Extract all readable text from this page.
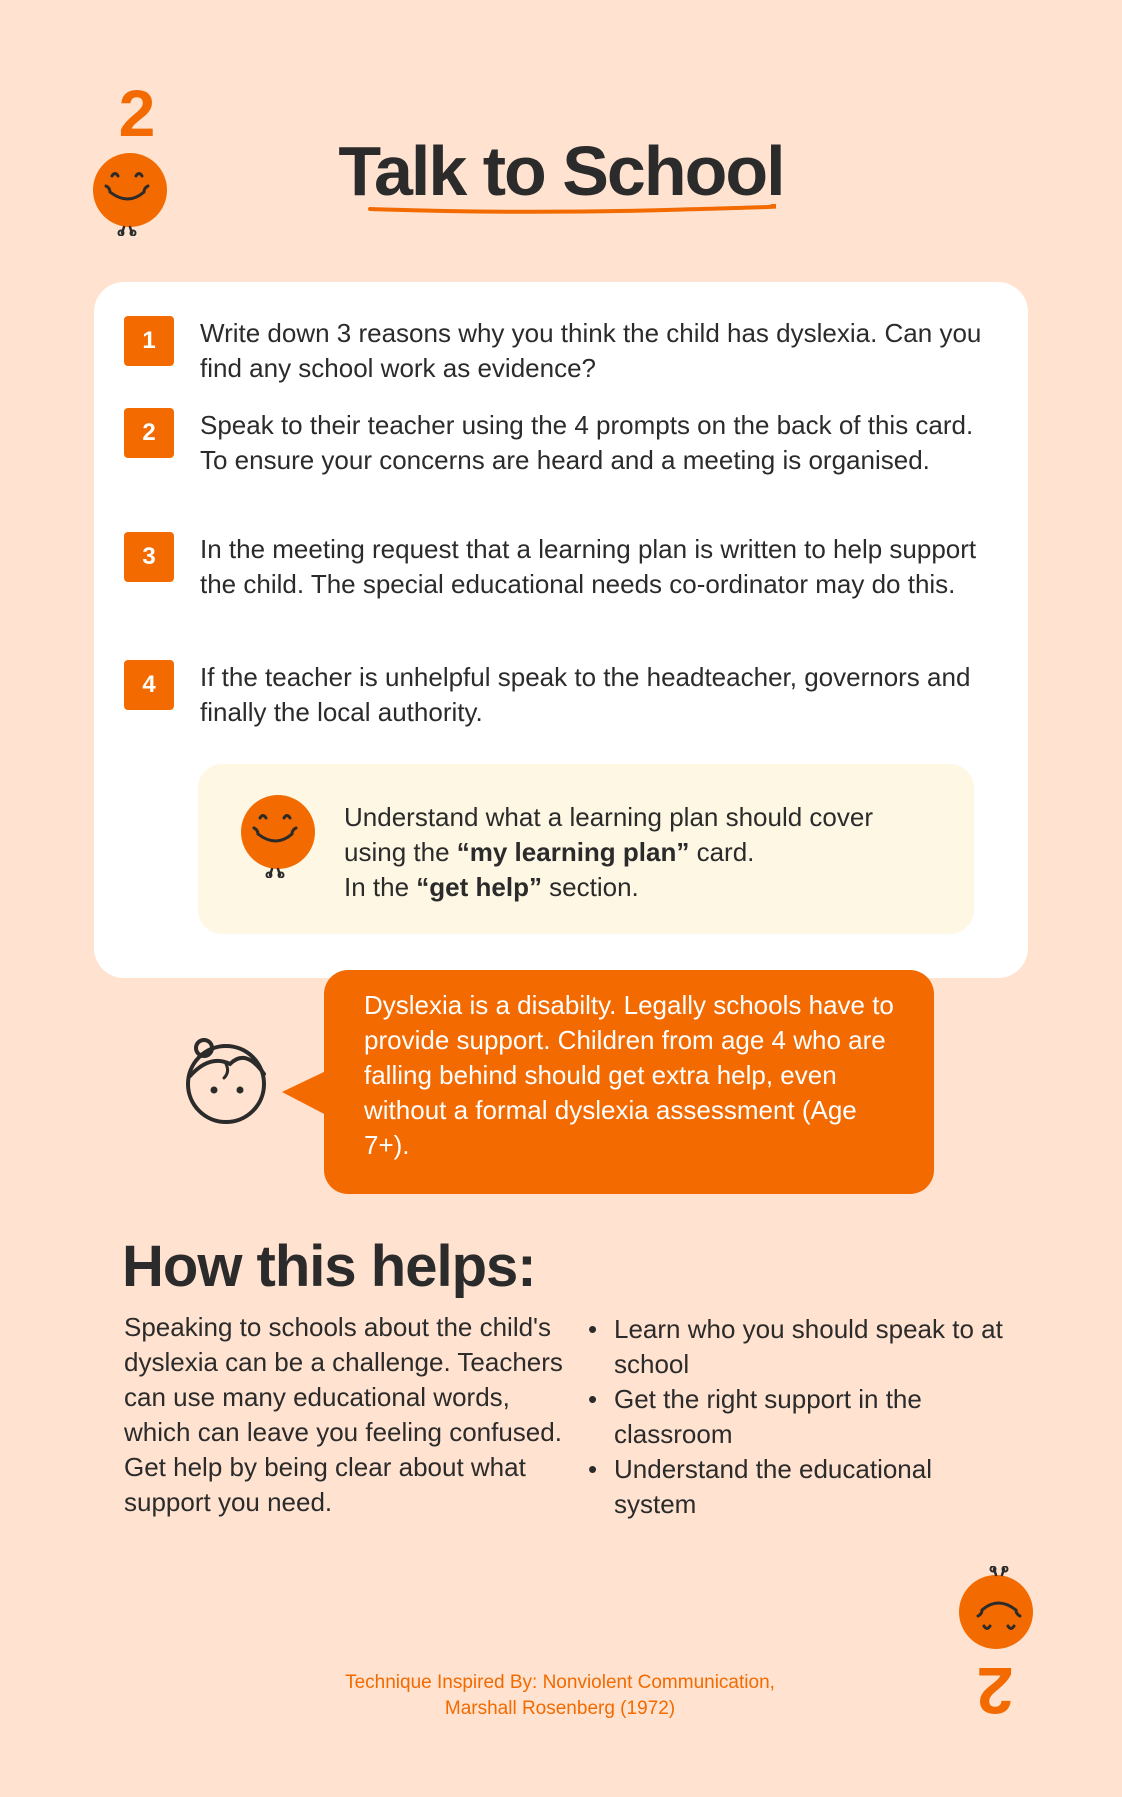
2
Talk to School
1	Write down 3 reasons why you think the child has dyslexia. Can you find any school work as evidence?
2	Speak to their teacher using the 4 prompts on the back of this card. To ensure your concerns are heard and a meeting is organised.
3	In the meeting request that a learning plan is written to help support the child. The special educational needs co-ordinator may do this.
4	If the teacher is unhelpful speak to the headteacher, governors and finally the local authority.
Understand what a learning plan should cover
using the “my learning plan” card.
In the “get help” section.
Dyslexia is a disabilty. Legally schools have to provide support. Children from age 4 who are falling behind should get extra help, even without a formal dyslexia assessment (Age 7+).
How this helps:
Speaking to schools about the child's dyslexia can be a challenge. Teachers can use many educational words, which can leave you feeling confused.
Get help by being clear about what support you need.
• Learn who you should speak to at school
• Get the right support in the classroom
• Understand the educational system
Technique Inspired By: Nonviolent Communication,
Marshall Rosenberg (1972)	2
